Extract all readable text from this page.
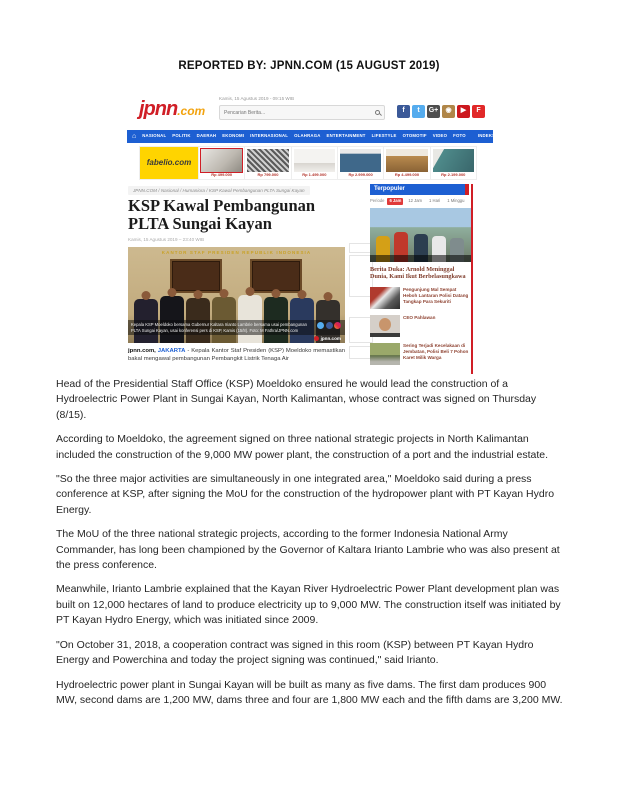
REPORTED BY: JPNN.COM (15 AUGUST 2019)
jpnn.com
Kamis, 15 Agustus 2019 - 09:15 WIB
Pencarian Berita...
f	t	G+	◉	▶	F
⌂ NASIONAL POLITIK DAERAH EKONOMI INTERNASIONAL OLAHRAGA ENTERTAINMENT LIFESTYLE OTOMOTIF VIDEO FOTO	INDEKS MENU
fabelio.com
Rp 499.000	Rp 799.000	Rp 1.499.000	Rp 2.999.000	Rp 4.499.000	Rp 2.199.000
JPNN.COM / Nasional / Humaniora / KSP Kawal Pembangunan PLTA Sungai Kayan
KSP Kawal Pembangunan PLTA Sungai Kayan
Kamis, 15 Agustus 2019 – 23:40 WIB
KANTOR STAF PRESIDEN REPUBLIK INDONESIA
Kepala KSP Moeldoko bersama Gubernur Kaltara Irianto Lambrie bersama usai pembangunan PLTA Sungai Kayan, usai konferensi pers di KSP, Kamis (15/8). Foto: M Fathra/JPNN.com
jpnn.com
jpnn.com, JAKARTA - Kepala Kantor Staf Presiden (KSP) Moeldoko memastikan bakal mengawal pembangunan Pembangkit Listrik Tenaga Air
Terpopuler
Periode	6 Jam	12 Jam	1 Hari	1 Minggu
Berita Duka: Arnold Meninggal Dunia, Kami Ikut Berbelasungkawa
Pengunjung Mal Sempat Heboh Lantaran Polisi Datang Tangkap Para Sekuriti
CEO Pahlawan
Sering Terjadi Kecelakaan di Jembatan, Polisi Beli 7 Pohon Karet Milik Warga

Head of the Presidential Staff Office (KSP) Moeldoko ensured he would lead the construction of a Hydroelectric Power Plant in Sungai Kayan, North Kalimantan, whose contract was signed on Thursday (8/15).

According to Moeldoko, the agreement signed on three national strategic projects in North Kalimantan included the construction of the 9,000 MW power plant, the construction of a port and the industrial estate.

"So the three major activities are simultaneously in one integrated area," Moeldoko said during a press conference at KSP, after signing the MoU for the construction of the hydropower plant with PT Kayan Hydro Energy.

The MoU of the three national strategic projects, according to the former Indonesia National Army Commander, has long been championed by the Governor of Kaltara Irianto Lambrie who was also present at the press conference.

Meanwhile, Irianto Lambrie explained that the Kayan River Hydroelectric Power Plant development plan was built on 12,000 hectares of land to produce electricity up to 9,000 MW. The construction itself was initiated by PT Kayan Hydro Energy, which was initiated since 2009.

"On October 31, 2018, a cooperation contract was signed in this room (KSP) between PT Kayan Hydro Energy and Powerchina and today the project signing was continued," said Irianto.

Hydroelectric power plant in Sungai Kayan will be built as many as five dams. The first dam produces 900 MW, second dams are 1,200 MW, dams three and four are 1,800 MW each and the fifth dams are 3,200 MW.
